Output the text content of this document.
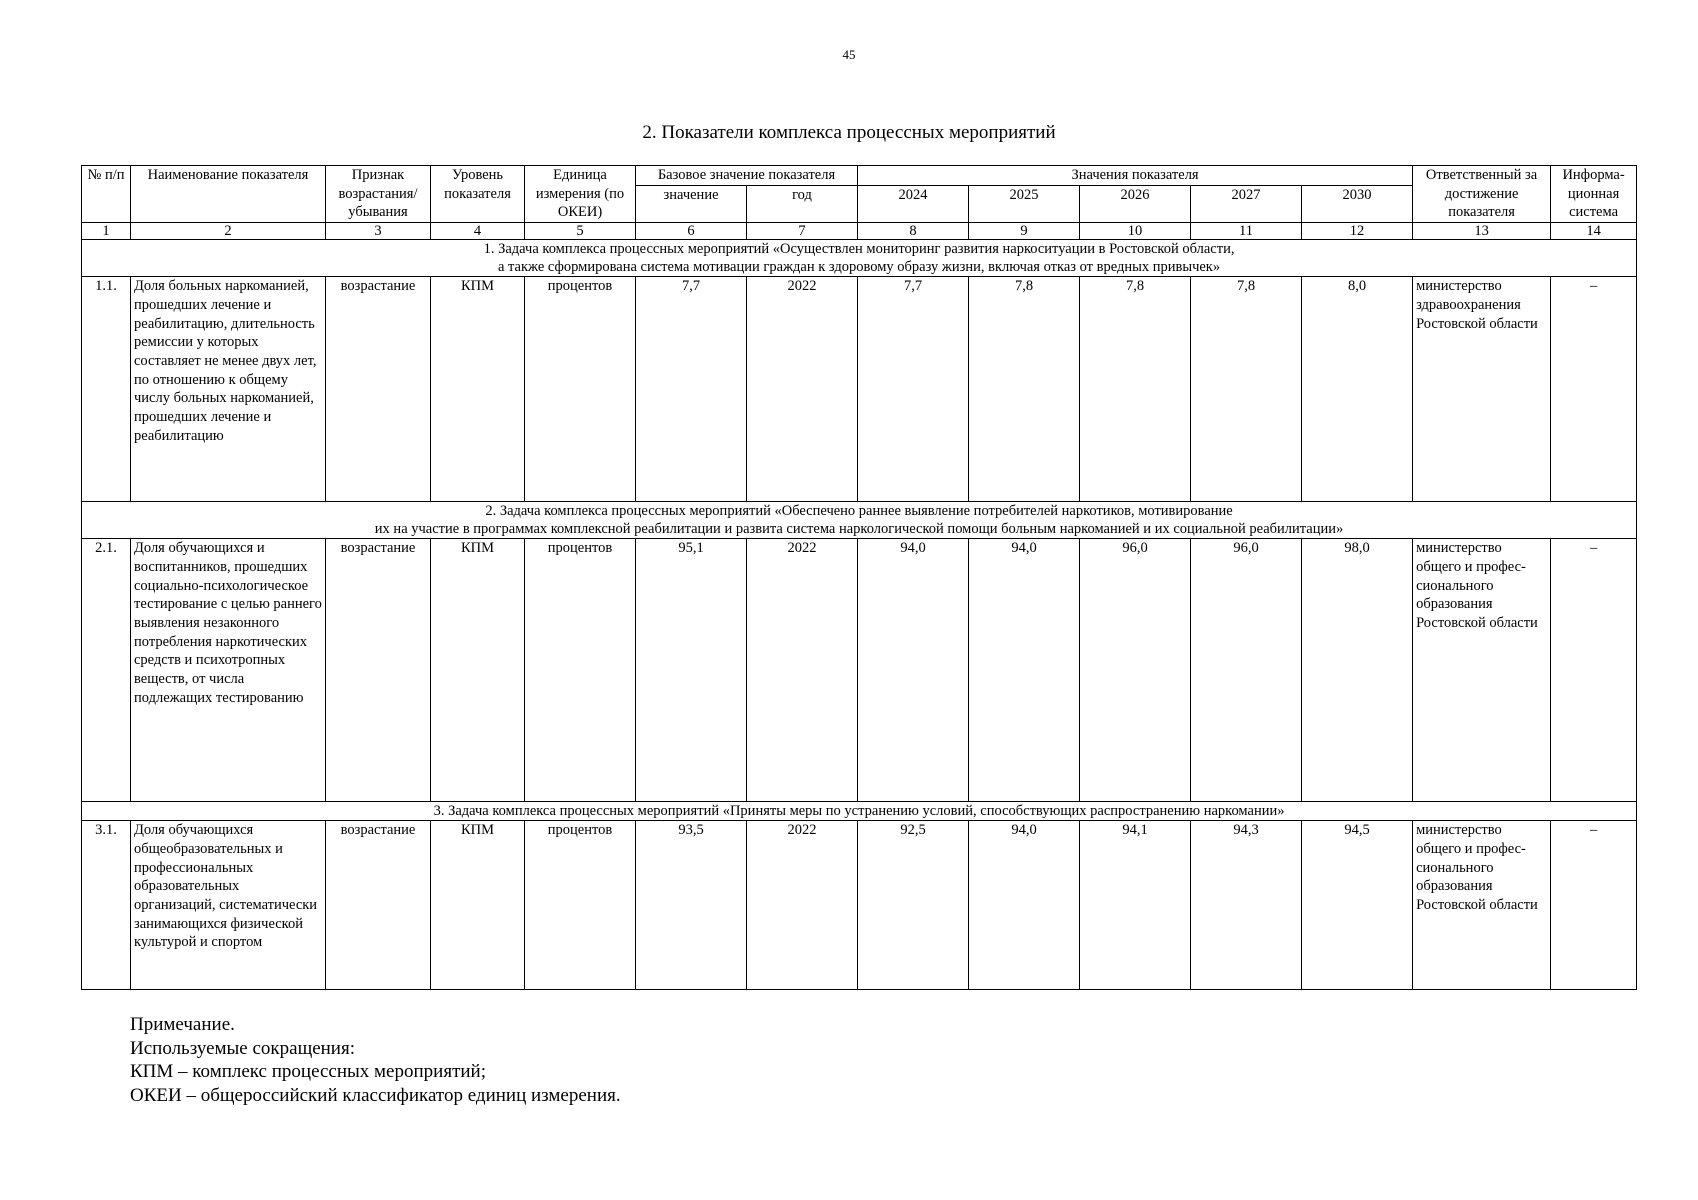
45
2. Показатели комплекса процессных мероприятий
№ п/п	Наименование показателя	Признак возрастания/ убывания	Уровень показателя	Единица измерения (по ОКЕИ)	Базовое значение показателя		Значения показателя					Ответственный за достижение показателя	Информа- ционная система
					значение	год	2024	2025	2026	2027	2030		
1	2	3	4	5	6	7	8	9	10	11	12	13	14

1. Задача комплекса процессных мероприятий «Осуществлен мониторинг развития наркоситуации в Ростовской области,
а также сформирована система мотивации граждан к здоровому образу жизни, включая отказ от вредных привычек»													

1.1.	Доля больных наркоманией, прошедших лечение и реабилитацию, длительность ремиссии у которых составляет не менее двух лет, по отношению к общему числу больных наркоманией, прошедших лечение и реабилитацию	возрастание	КПМ	процентов	7,7	2022	7,7	7,8	7,8	7,8	8,0	министерство здравоохранения Ростовской области	–

2. Задача комплекса процессных мероприятий «Обеспечено раннее выявление потребителей наркотиков, мотивирование
их на участие в программах комплексной реабилитации и развита система наркологической помощи больным наркоманией и их социальной реабилитации»													

2.1.	Доля обучающихся и воспитанников, прошедших социально-психологическое тестирование с целью раннего выявления незаконного потребления наркотических средств и психотропных веществ, от числа подлежащих тестированию	возрастание	КПМ	процентов	95,1	2022	94,0	94,0	96,0	96,0	98,0	министерство общего и профес- сионального образования Ростовской области	–

3. Задача комплекса процессных мероприятий «Приняты меры по устранению условий, способствующих распространению наркомании»													

3.1.	Доля обучающихся общеобразовательных и профессиональных образовательных организаций, систематически занимающихся физической культурой и спортом	возрастание	КПМ	процентов	93,5	2022	92,5	94,0	94,1	94,3	94,5	министерство общего и профес- сионального образования Ростовской области	–
Примечание.
Используемые сокращения:
КПМ – комплекс процессных мероприятий;
ОКЕИ – общероссийский классификатор единиц измерения.
